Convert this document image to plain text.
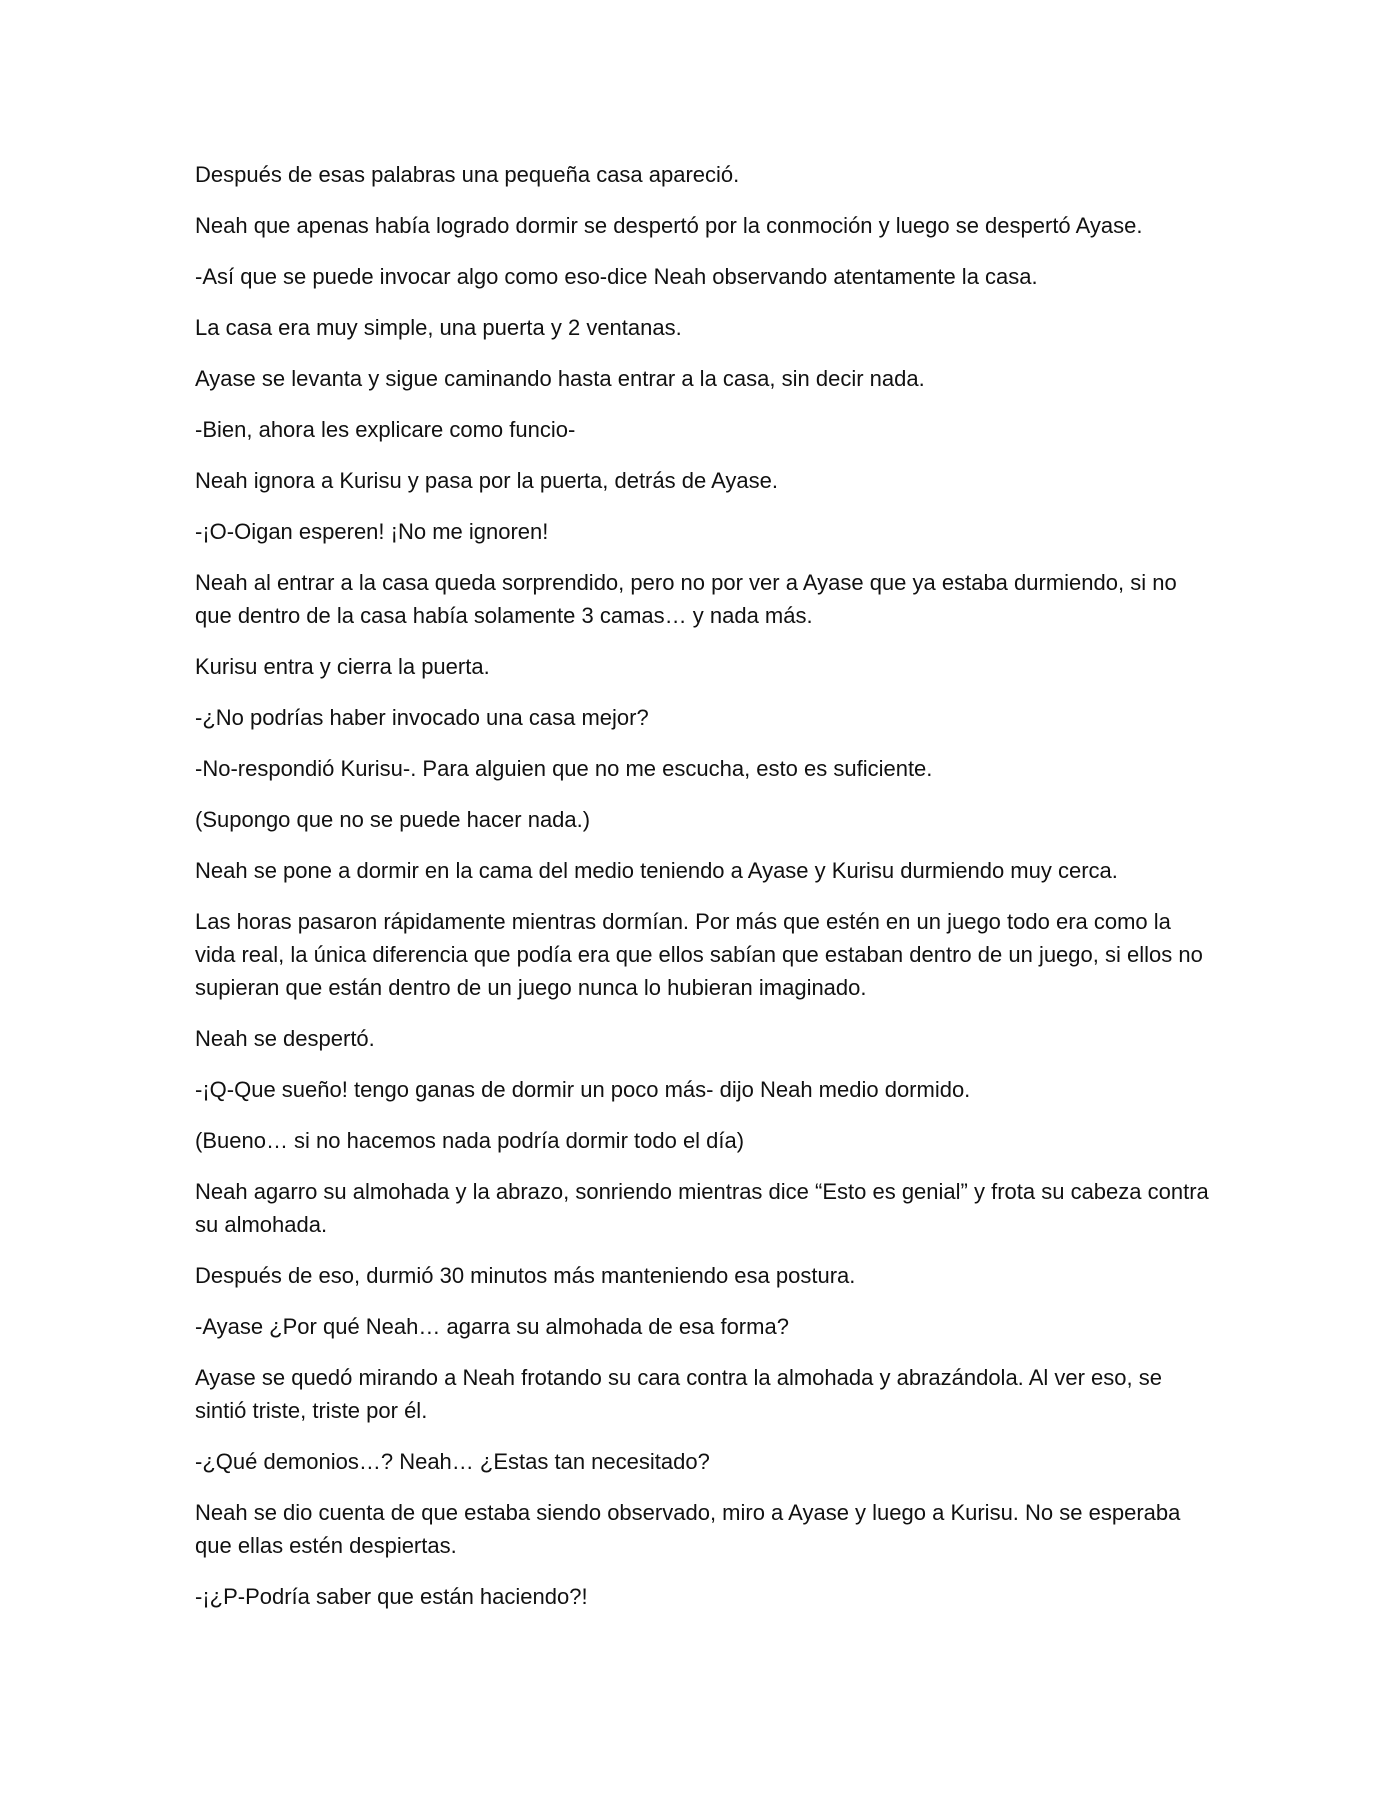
Después de esas palabras una pequeña casa apareció.

Neah que apenas había logrado dormir se despertó por la conmoción y luego se despertó Ayase.

-Así que se puede invocar algo como eso-dice Neah observando atentamente la casa.

La casa era muy simple, una puerta y 2 ventanas.

Ayase se levanta y sigue caminando hasta entrar a la casa, sin decir nada.

-Bien, ahora les explicare como funcio-

Neah ignora a Kurisu y pasa por la puerta, detrás de Ayase.

-¡O-Oigan esperen! ¡No me ignoren!

Neah al entrar a la casa queda sorprendido, pero no por ver a Ayase que ya estaba durmiendo, si no que dentro de la casa había solamente 3 camas… y nada más.

Kurisu entra y cierra la puerta.

-¿No podrías haber invocado una casa mejor?

-No-respondió Kurisu-. Para alguien que no me escucha, esto es suficiente.

(Supongo que no se puede hacer nada.)

Neah se pone a dormir en la cama del medio teniendo a Ayase y Kurisu durmiendo muy cerca.

Las horas pasaron rápidamente mientras dormían. Por más que estén en un juego todo era como la vida real, la única diferencia que podía era que ellos sabían que estaban dentro de un juego, si ellos no supieran que están dentro de un juego nunca lo hubieran imaginado.

Neah se despertó.

-¡Q-Que sueño! tengo ganas de dormir un poco más- dijo Neah medio dormido.

(Bueno… si no hacemos nada podría dormir todo el día)

Neah agarro su almohada y la abrazo, sonriendo mientras dice “Esto es genial” y frota su cabeza contra su almohada.

Después de eso, durmió 30 minutos más manteniendo esa postura.

-Ayase ¿Por qué Neah… agarra su almohada de esa forma?

Ayase se quedó mirando a Neah frotando su cara contra la almohada y abrazándola. Al ver eso, se sintió triste, triste por él.

-¿Qué demonios…? Neah… ¿Estas tan necesitado?

Neah se dio cuenta de que estaba siendo observado, miro a Ayase y luego a Kurisu. No se esperaba que ellas estén despiertas.

-¡¿P-Podría saber que están haciendo?!
